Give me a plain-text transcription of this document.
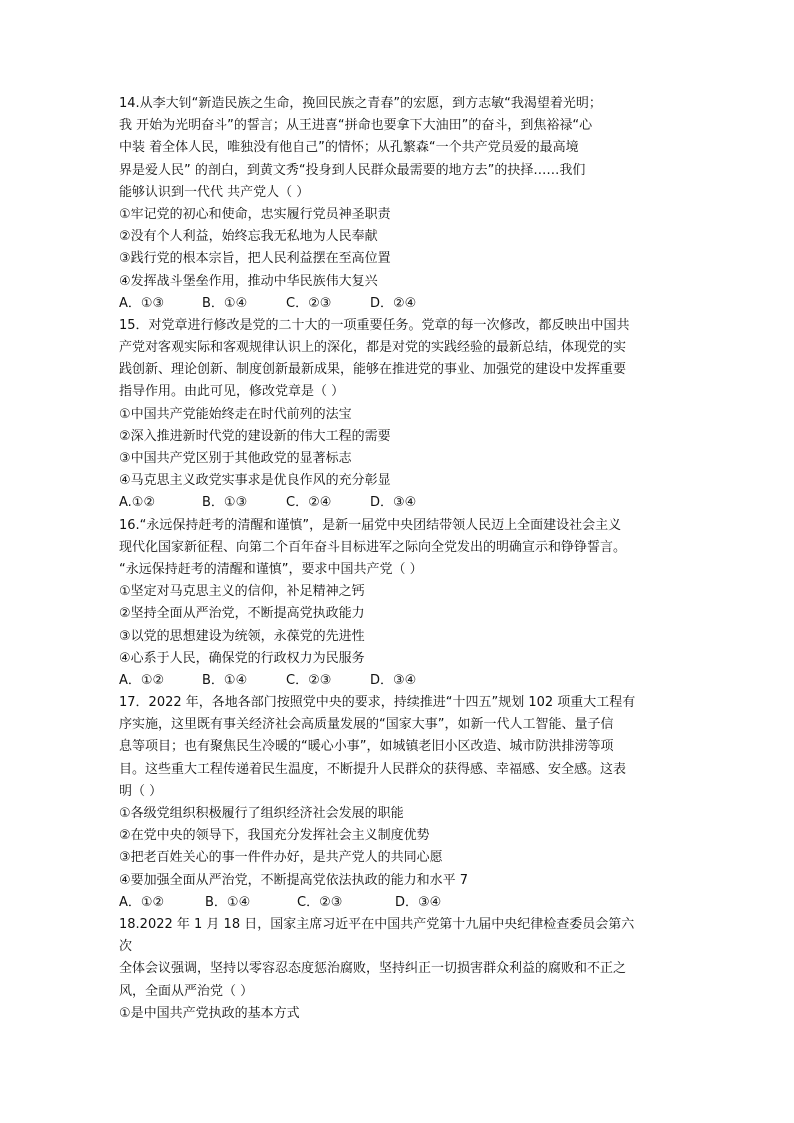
14.从李大钊“新造民族之生命，挽回民族之青春”的宏愿，到方志敏“我渴望着光明；
我 开始为光明奋斗”的誓言；从王进喜“拼命也要拿下大油田”的奋斗，到焦裕禄“心
中装 着全体人民，唯独没有他自己”的情怀；从孔繁森“一个共产党员爱的最高境
界是爱人民” 的剖白，到黄文秀“投身到人民群众最需要的地方去”的抉择……我们
能够认识到一代代 共产党人（ ）
①牢记党的初心和使命，忠实履行党员神圣职责
②没有个人利益，始终忘我无私地为人民奉献
③践行党的根本宗旨，把人民利益摆在至高位置
④发挥战斗堡垒作用，推动中华民族伟大复兴
A．①③	B．①④	C．②③	D．②④
15．对党章进行修改是党的二十大的一项重要任务。党章的每一次修改，都反映出中国共
产党对客观实际和客观规律认识上的深化，都是对党的实践经验的最新总结，体现党的实
践创新、理论创新、制度创新最新成果，能够在推进党的事业、加强党的建设中发挥重要
指导作用。由此可见，修改党章是（ ）
①中国共产党能始终走在时代前列的法宝
②深入推进新时代党的建设新的伟大工程的需要
③中国共产党区别于其他政党的显著标志
④马克思主义政党实事求是优良作风的充分彰显
A.①②	B．①③	C．②④	D．③④
16.“永远保持赶考的清醒和谨慎”，是新一届党中央团结带领人民迈上全面建设社会主义
现代化国家新征程、向第二个百年奋斗目标进军之际向全党发出的明确宣示和铮铮誓言。
“永远保持赶考的清醒和谨慎”，要求中国共产党（ ）
①坚定对马克思主义的信仰，补足精神之钙
②坚持全面从严治党，不断提高党执政能力
③以党的思想建设为统领，永葆党的先进性
④心系于人民，确保党的行政权力为民服务
A．①②	B．①④	C．②③	D．③④
17．2022 年，各地各部门按照党中央的要求，持续推进“十四五”规划 102 项重大工程有
序实施，这里既有事关经济社会高质量发展的“国家大事”，如新一代人工智能、量子信
息等项目；也有聚焦民生冷暖的“暖心小事”，如城镇老旧小区改造、城市防洪排涝等项
目。这些重大工程传递着民生温度，不断提升人民群众的获得感、幸福感、安全感。这表
明（ ）
①各级党组织积极履行了组织经济社会发展的职能
②在党中央的领导下，我国充分发挥社会主义制度优势
③把老百姓关心的事一件件办好，是共产党人的共同心愿
④要加强全面从严治党，不断提高党依法执政的能力和水平 7
A．①②	B．①④	C．②③	D．③④
18.2022 年 1 月 18 日，国家主席习近平在中国共产党第十九届中央纪律检查委员会第六
次
全体会议强调，坚持以零容忍态度惩治腐败，坚持纠正一切损害群众利益的腐败和不正之
风，全面从严治党（ ）
①是中国共产党执政的基本方式
